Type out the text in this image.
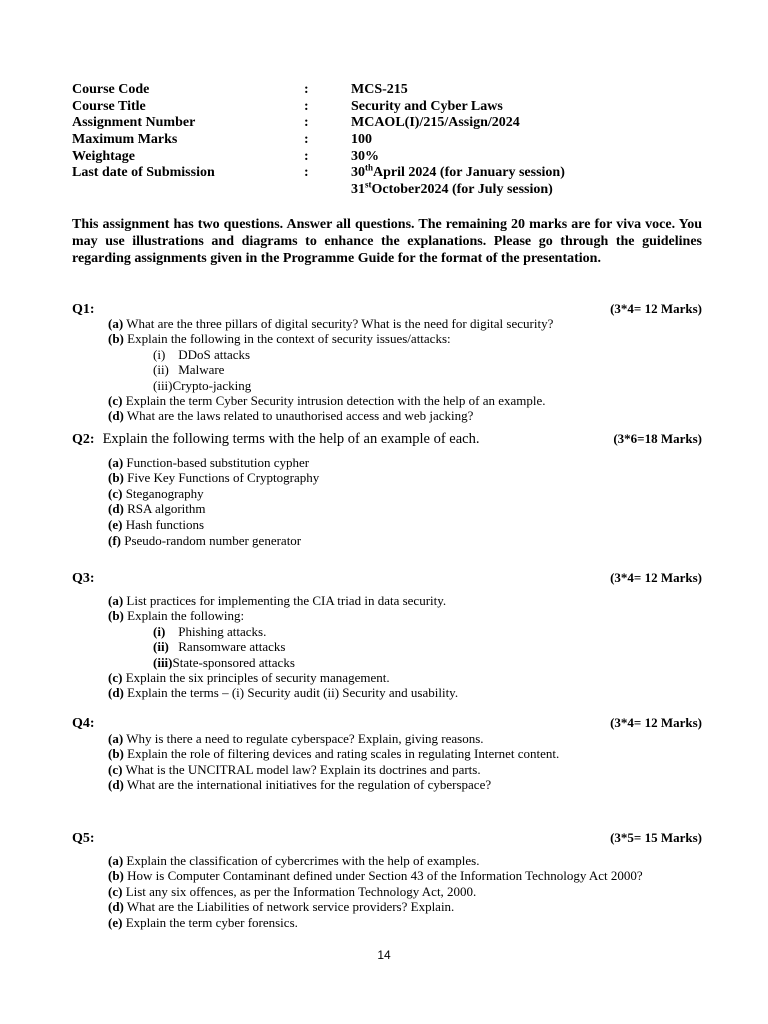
Course Code	:	MCS-215
Course Title	:	Security and Cyber Laws
Assignment Number	:	MCAOL(I)/215/Assign/2024
Maximum Marks	:	100
Weightage	:	30%
Last date of Submission	:	30thApril 2024 (for January session)
31stOctober2024 (for July session)
This assignment has two questions. Answer all questions. The remaining 20 marks are for viva voce. You may use illustrations and diagrams to enhance the explanations. Please go through the guidelines regarding assignments given in the Programme Guide for the format of the presentation.
Q1:	(3*4= 12 Marks)
(a) What are the three pillars of digital security? What is the need for digital security?
(b) Explain the following in the context of security issues/attacks:
(i) DDoS attacks
(ii) Malware
(iii)Crypto-jacking
(c) Explain the term Cyber Security intrusion detection with the help of an example.
(d) What are the laws related to unauthorised access and web jacking?
Q2: Explain the following terms with the help of an example of each.	(3*6=18 Marks)
(a) Function-based substitution cypher
(b) Five Key Functions of Cryptography
(c) Steganography
(d) RSA algorithm
(e) Hash functions
(f) Pseudo-random number generator
Q3:	(3*4= 12 Marks)
(a) List practices for implementing the CIA triad in data security.
(b) Explain the following:
(i) Phishing attacks.
(ii) Ransomware attacks
(iii)State-sponsored attacks
(c) Explain the six principles of security management.
(d) Explain the terms – (i) Security audit (ii) Security and usability.
Q4:	(3*4= 12 Marks)
(a) Why is there a need to regulate cyberspace? Explain, giving reasons.
(b) Explain the role of filtering devices and rating scales in regulating Internet content.
(c) What is the UNCITRAL model law? Explain its doctrines and parts.
(d) What are the international initiatives for the regulation of cyberspace?
Q5:	(3*5= 15 Marks)
(a) Explain the classification of cybercrimes with the help of examples.
(b) How is Computer Contaminant defined under Section 43 of the Information Technology Act 2000?
(c) List any six offences, as per the Information Technology Act, 2000.
(d) What are the Liabilities of network service providers? Explain.
(e) Explain the term cyber forensics.
14
